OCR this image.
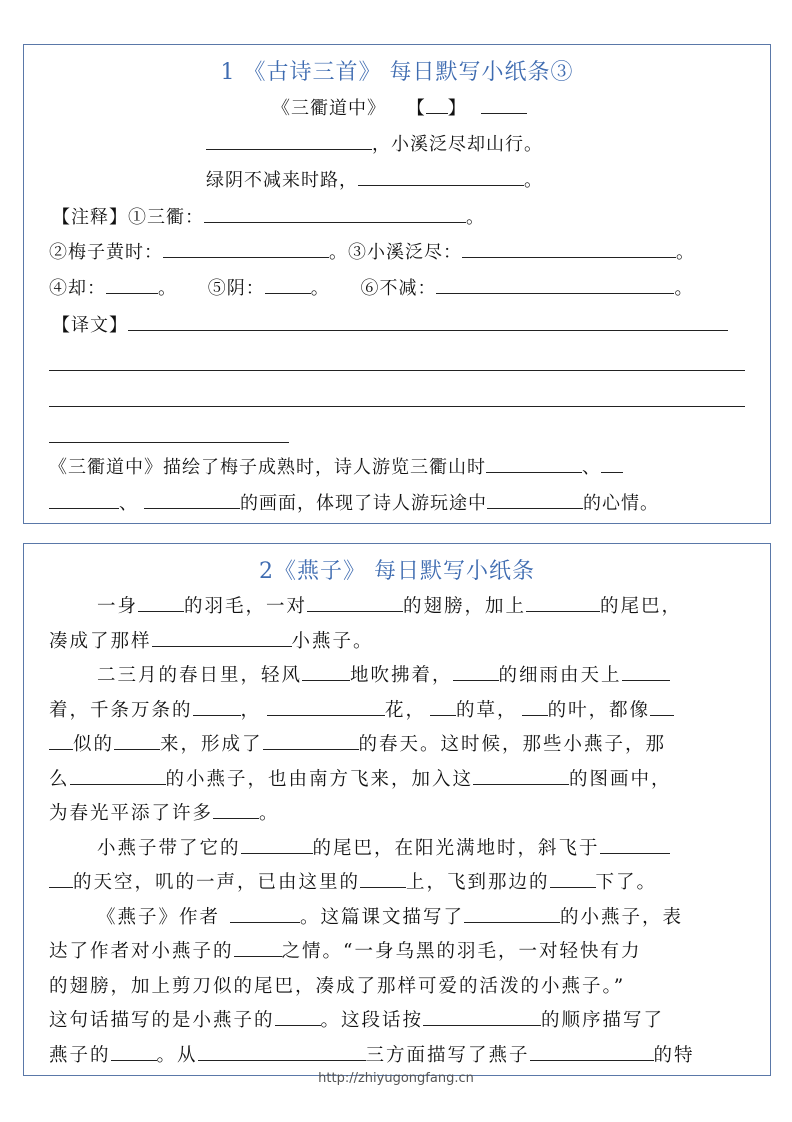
1 《古诗三首》 每日默写小纸条③
《三衢道中》 【 】
，小溪泛尽却山行。
绿阴不减来时路，	。
【注释】①三衢：	。
②梅子黄时：	。③小溪泛尽：	。
④却：	。 ⑤阴：	。 ⑥不减：	。
【译文】
《三衢道中》描绘了梅子成熟时，诗人游览三衢山时	、
、	的画面，体现了诗人游玩途中	的心情。
2《燕子》 每日默写小纸条
一身 的羽毛，一对	的翅膀，加上	的尾巴，
凑成了那样	小燕子。
二三月的春日里，轻风	地吹拂着， 的细雨由天上
着，千条万条的	，	花， 的草， 的叶，都像
似的 来，形成了	的春天。这时候，那些小燕子，那
么	的小燕子，也由南方飞来，加入这	的图画中，
为春光平添了许多 。
小燕子带了它的	的尾巴，在阳光满地时，斜飞于
的天空，叽的一声，已由这里的 上，飞到那边的 下了。
《燕子》作者	。这篇课文描写了	的小燕子，表
达了作者对小燕子的	之情。“一身乌黑的羽毛，一对轻快有力
的翅膀，加上剪刀似的尾巴，凑成了那样可爱的活泼的小燕子。”
这句话描写的是小燕子的 。这段话按	的顺序描写了
燕子的 。从	三方面描写了燕子	的特
http://zhiyugongfang.cn
